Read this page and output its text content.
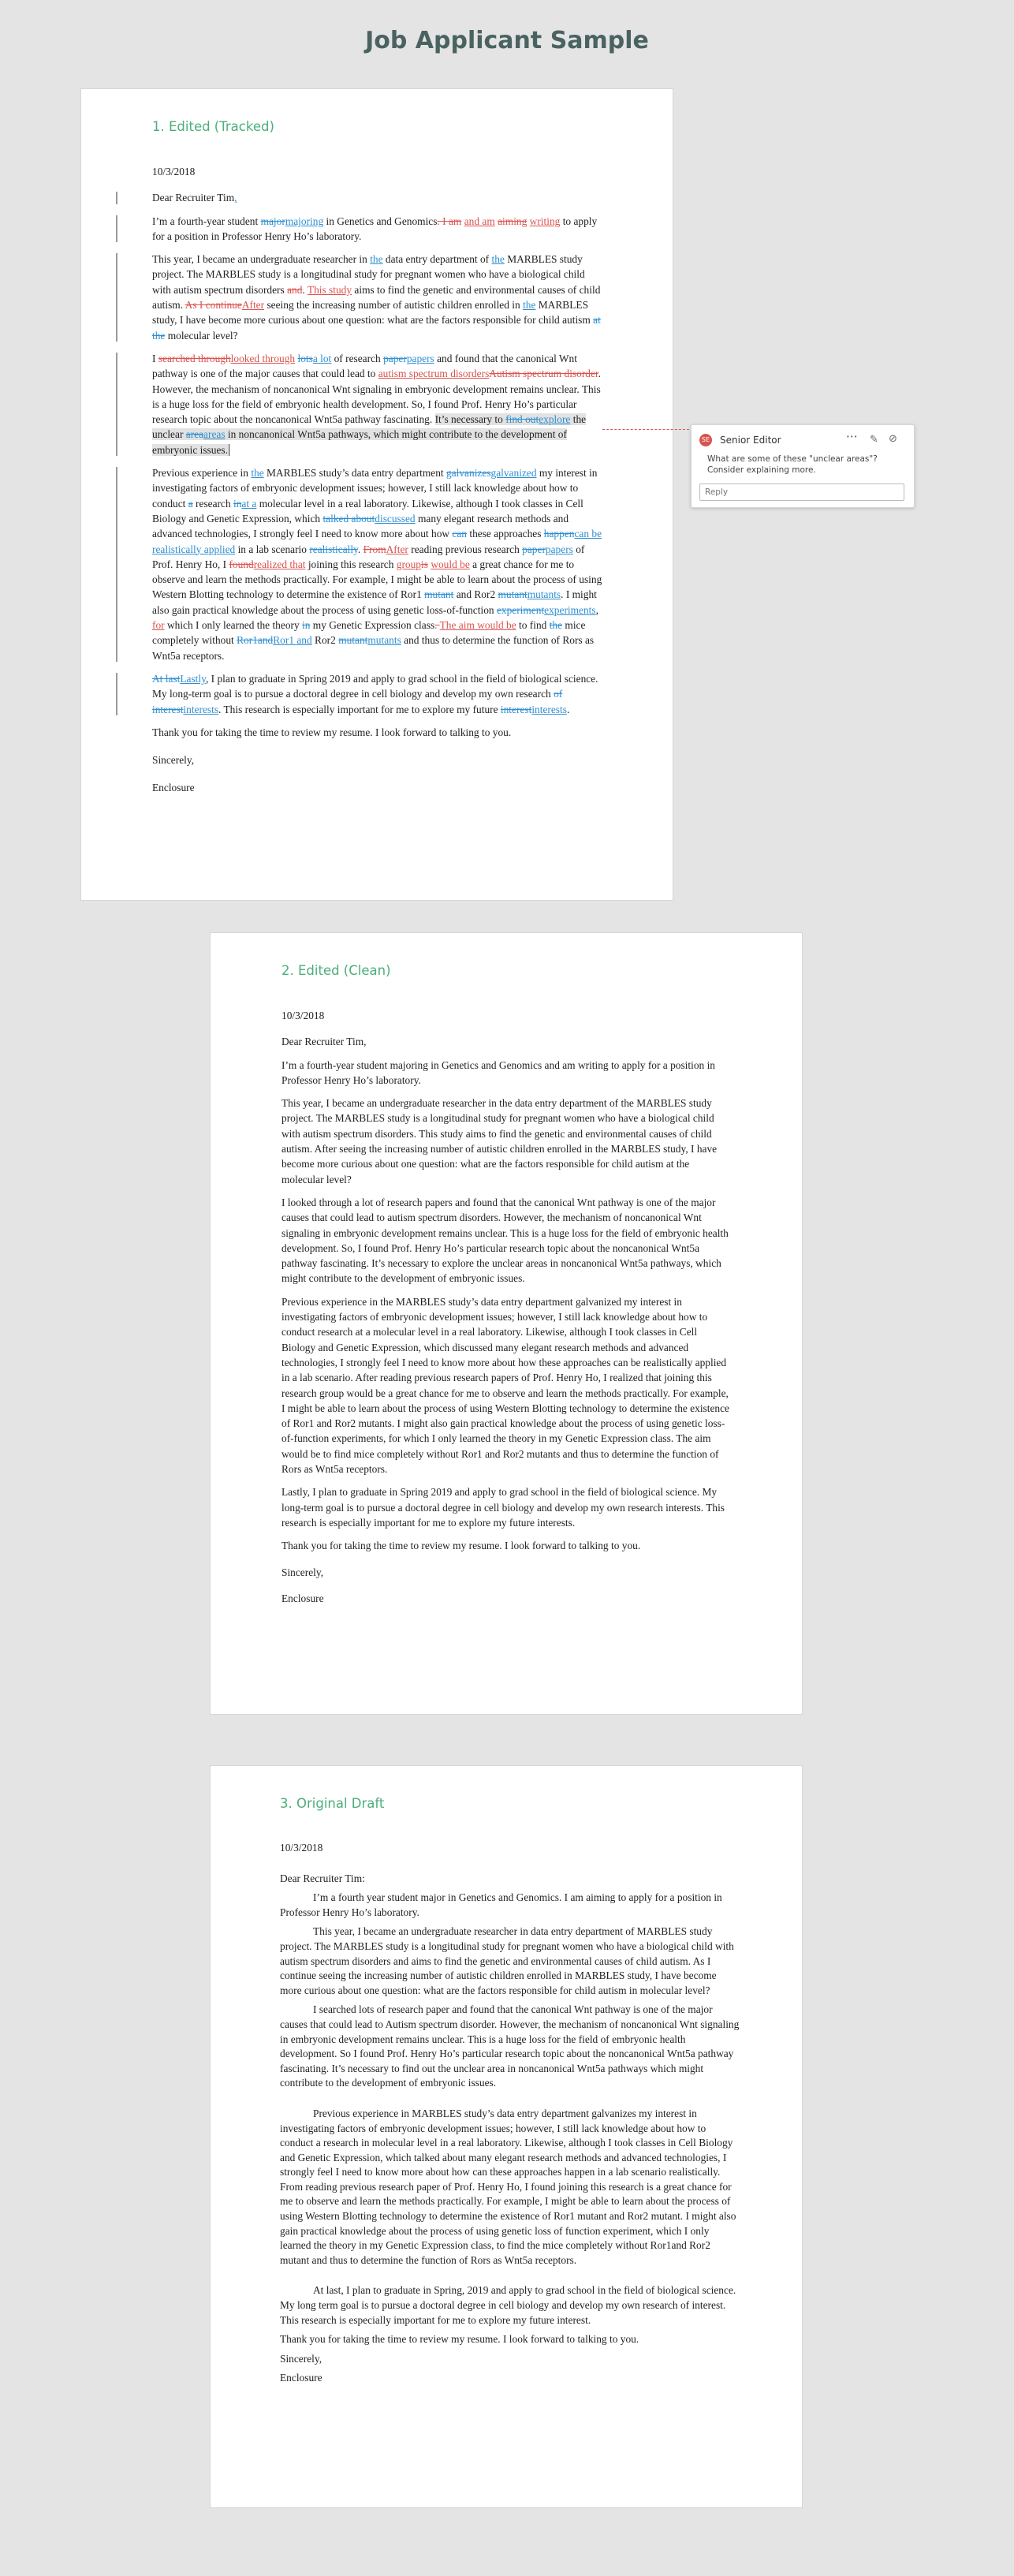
Job Applicant Sample
1. Edited (Tracked)

10/3/2018

Dear Recruiter Tim,

I’m a fourth-year student majormajoring in Genetics and Genomics. I am and am aiming writing to apply for a position in Professor Henry Ho’s laboratory.

This year, I became an undergraduate researcher in the data entry department of the MARBLES study project. The MARBLES study is a longitudinal study for pregnant women who have a biological child with autism spectrum disorders and. This study aims to find the genetic and environmental causes of child autism. As I continueAfter seeing the increasing number of autistic children enrolled in the MARBLES study, I have become more curious about one question: what are the factors responsible for child autism at the molecular level?

I searched throughlooked through lotsa lot of research paperpapers and found that the canonical Wnt pathway is one of the major causes that could lead to autism spectrum disordersAutism spectrum disorder. However, the mechanism of noncanonical Wnt signaling in embryonic development remains unclear. This is a huge loss for the field of embryonic health development. So, I found Prof. Henry Ho’s particular research topic about the noncanonical Wnt5a pathway fascinating. It’s necessary to find outexplore the unclear areaareas in noncanonical Wnt5a pathways, which might contribute to the development of embryonic issues.

Previous experience in the MARBLES study’s data entry department galvanizesgalvanized my interest in investigating factors of embryonic development issues; however, I still lack knowledge about how to conduct a research inat a molecular level in a real laboratory. Likewise, although I took classes in Cell Biology and Genetic Expression, which talked aboutdiscussed many elegant research methods and advanced technologies, I strongly feel I need to know more about how can these approaches happencan be realistically applied in a lab scenario realistically. FromAfter reading previous research paperpapers of Prof. Henry Ho, I foundrealized that joining this research groupis would be a great chance for me to observe and learn the methods practically. For example, I might be able to learn about the process of using Western Blotting technology to determine the existence of Ror1 mutant and Ror2 mutantmutants. I might also gain practical knowledge about the process of using genetic loss-of-function experimentexperiments, for which I only learned the theory in my Genetic Expression class. The aim would be to find the mice completely without Ror1andRor1 and Ror2 mutantmutants and thus to determine the function of Rors as Wnt5a receptors.

At lastLastly, I plan to graduate in Spring 2019 and apply to grad school in the field of biological science. My long-term goal is to pursue a doctoral degree in cell biology and develop my own research of interestinterests. This research is especially important for me to explore my future interestinterests.

Thank you for taking the time to review my resume. I look forward to talking to you.

Sincerely,

Enclosure

SE Senior Editor	⋯ ✎ ⊘
What are some of these "unclear areas"? Consider explaining more.
Reply
2. Edited (Clean)

10/3/2018

Dear Recruiter Tim,

I’m a fourth-year student majoring in Genetics and Genomics and am writing to apply for a position in Professor Henry Ho’s laboratory.

This year, I became an undergraduate researcher in the data entry department of the MARBLES study project. The MARBLES study is a longitudinal study for pregnant women who have a biological child with autism spectrum disorders. This study aims to find the genetic and environmental causes of child autism. After seeing the increasing number of autistic children enrolled in the MARBLES study, I have become more curious about one question: what are the factors responsible for child autism at the molecular level?

I looked through a lot of research papers and found that the canonical Wnt pathway is one of the major causes that could lead to autism spectrum disorders. However, the mechanism of noncanonical Wnt signaling in embryonic development remains unclear. This is a huge loss for the field of embryonic health development. So, I found Prof. Henry Ho’s particular research topic about the noncanonical Wnt5a pathway fascinating. It’s necessary to explore the unclear areas in noncanonical Wnt5a pathways, which might contribute to the development of embryonic issues.

Previous experience in the MARBLES study’s data entry department galvanized my interest in investigating factors of embryonic development issues; however, I still lack knowledge about how to conduct research at a molecular level in a real laboratory. Likewise, although I took classes in Cell Biology and Genetic Expression, which discussed many elegant research methods and advanced technologies, I strongly feel I need to know more about how these approaches can be realistically applied in a lab scenario. After reading previous research papers of Prof. Henry Ho, I realized that joining this research group would be a great chance for me to observe and learn the methods practically. For example, I might be able to learn about the process of using Western Blotting technology to determine the existence of Ror1 and Ror2 mutants. I might also gain practical knowledge about the process of using genetic loss-of-function experiments, for which I only learned the theory in my Genetic Expression class. The aim would be to find mice completely without Ror1 and Ror2 mutants and thus to determine the function of Rors as Wnt5a receptors.

Lastly, I plan to graduate in Spring 2019 and apply to grad school in the field of biological science. My long-term goal is to pursue a doctoral degree in cell biology and develop my own research interests. This research is especially important for me to explore my future interests.

Thank you for taking the time to review my resume. I look forward to talking to you.

Sincerely,

Enclosure

3. Original Draft

10/3/2018

Dear Recruiter Tim:

I’m a fourth year student major in Genetics and Genomics. I am aiming to apply for a position in Professor Henry Ho’s laboratory.

This year, I became an undergraduate researcher in data entry department of MARBLES study project. The MARBLES study is a longitudinal study for pregnant women who have a biological child with autism spectrum disorders and aims to find the genetic and environmental causes of child autism. As I continue seeing the increasing number of autistic children enrolled in MARBLES study, I have become more curious about one question: what are the factors responsible for child autism in molecular level?

I searched lots of research paper and found that the canonical Wnt pathway is one of the major causes that could lead to Autism spectrum disorder. However, the mechanism of noncanonical Wnt signaling in embryonic development remains unclear. This is a huge loss for the field of embryonic health development. So I found Prof. Henry Ho’s particular research topic about the noncanonical Wnt5a pathway fascinating. It’s necessary to find out the unclear area in noncanonical Wnt5a pathways which might contribute to the development of embryonic issues.

Previous experience in MARBLES study’s data entry department galvanizes my interest in investigating factors of embryonic development issues; however, I still lack knowledge about how to conduct a research in molecular level in a real laboratory. Likewise, although I took classes in Cell Biology and Genetic Expression, which talked about many elegant research methods and advanced technologies, I strongly feel I need to know more about how can these approaches happen in a lab scenario realistically. From reading previous research paper of Prof. Henry Ho, I found joining this research is a great chance for me to observe and learn the methods practically. For example, I might be able to learn about the process of using Western Blotting technology to determine the existence of Ror1 mutant and Ror2 mutant. I might also gain practical knowledge about the process of using genetic loss of function experiment, which I only learned the theory in my Genetic Expression class, to find the mice completely without Ror1and Ror2 mutant and thus to determine the function of Rors as Wnt5a receptors.

At last, I plan to graduate in Spring, 2019 and apply to grad school in the field of biological science. My long term goal is to pursue a doctoral degree in cell biology and develop my own research of interest. This research is especially important for me to explore my future interest.

Thank you for taking the time to review my resume. I look forward to talking to you.

Sincerely,

Enclosure
